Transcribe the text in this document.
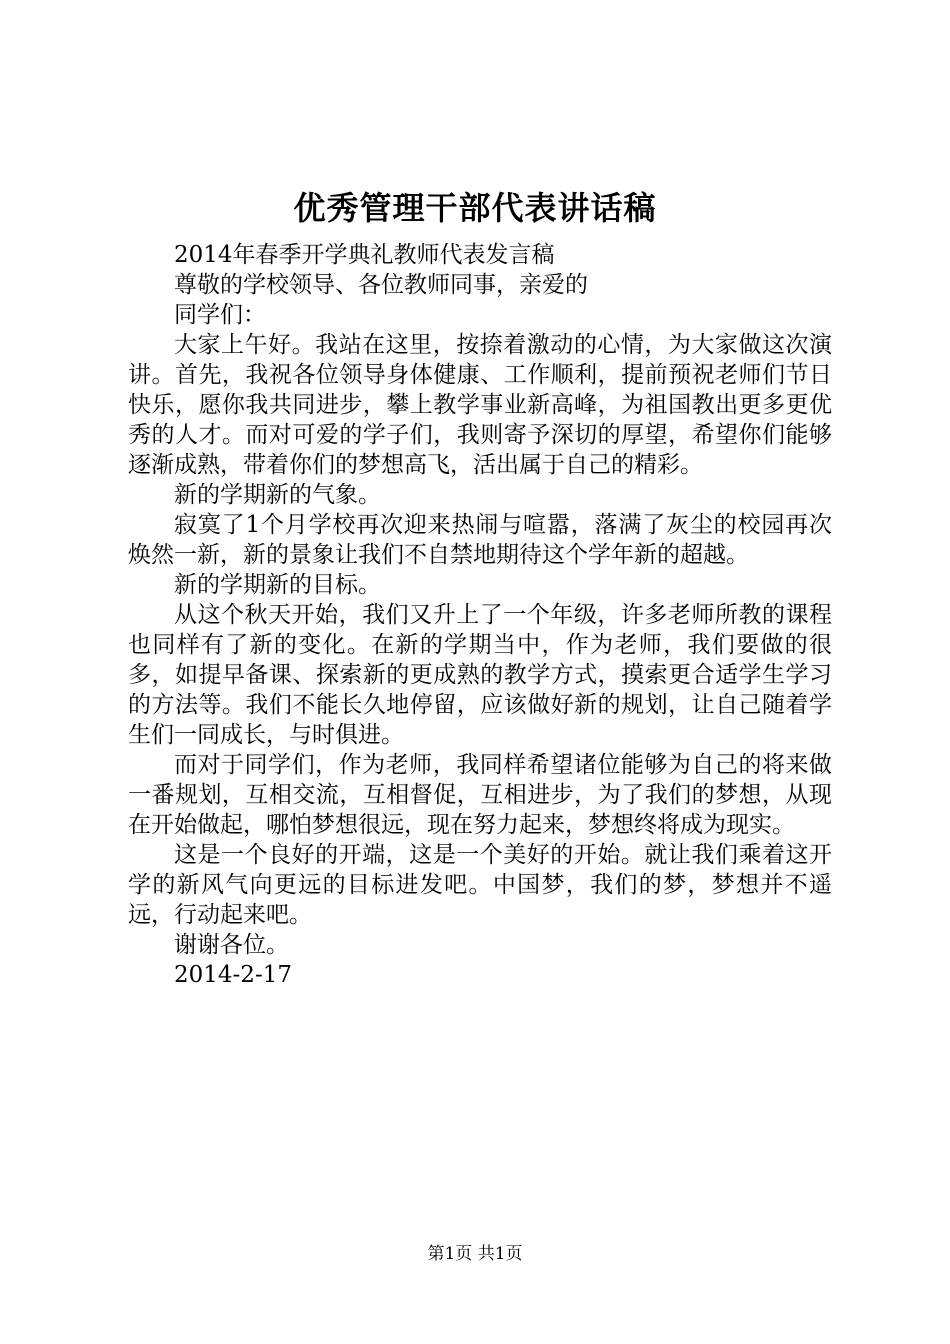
优秀管理干部代表讲话稿

2014年春季开学典礼教师代表发言稿

尊敬的学校领导、各位教师同事，亲爱的

同学们：

大家上午好。我站在这里，按捺着激动的心情，为大家做这次演讲。首先，我祝各位领导身体健康、工作顺利，提前预祝老师们节日快乐，愿你我共同进步，攀上教学事业新高峰，为祖国教出更多更优秀的人才。而对可爱的学子们，我则寄予深切的厚望，希望你们能够逐渐成熟，带着你们的梦想高飞，活出属于自己的精彩。

新的学期新的气象。

寂寞了1个月学校再次迎来热闹与喧嚣，落满了灰尘的校园再次焕然一新，新的景象让我们不自禁地期待这个学年新的超越。

新的学期新的目标。

从这个秋天开始，我们又升上了一个年级，许多老师所教的课程也同样有了新的变化。在新的学期当中，作为老师，我们要做的很多，如提早备课、探索新的更成熟的教学方式，摸索更合适学生学习的方法等。我们不能长久地停留，应该做好新的规划，让自己随着学生们一同成长，与时俱进。

而对于同学们，作为老师，我同样希望诸位能够为自己的将来做一番规划，互相交流，互相督促，互相进步，为了我们的梦想，从现在开始做起，哪怕梦想很远，现在努力起来，梦想终将成为现实。

这是一个良好的开端，这是一个美好的开始。就让我们乘着这开学的新风气向更远的目标进发吧。中国梦，我们的梦，梦想并不遥远，行动起来吧。

谢谢各位。

2014-2-17

第1页 共1页
